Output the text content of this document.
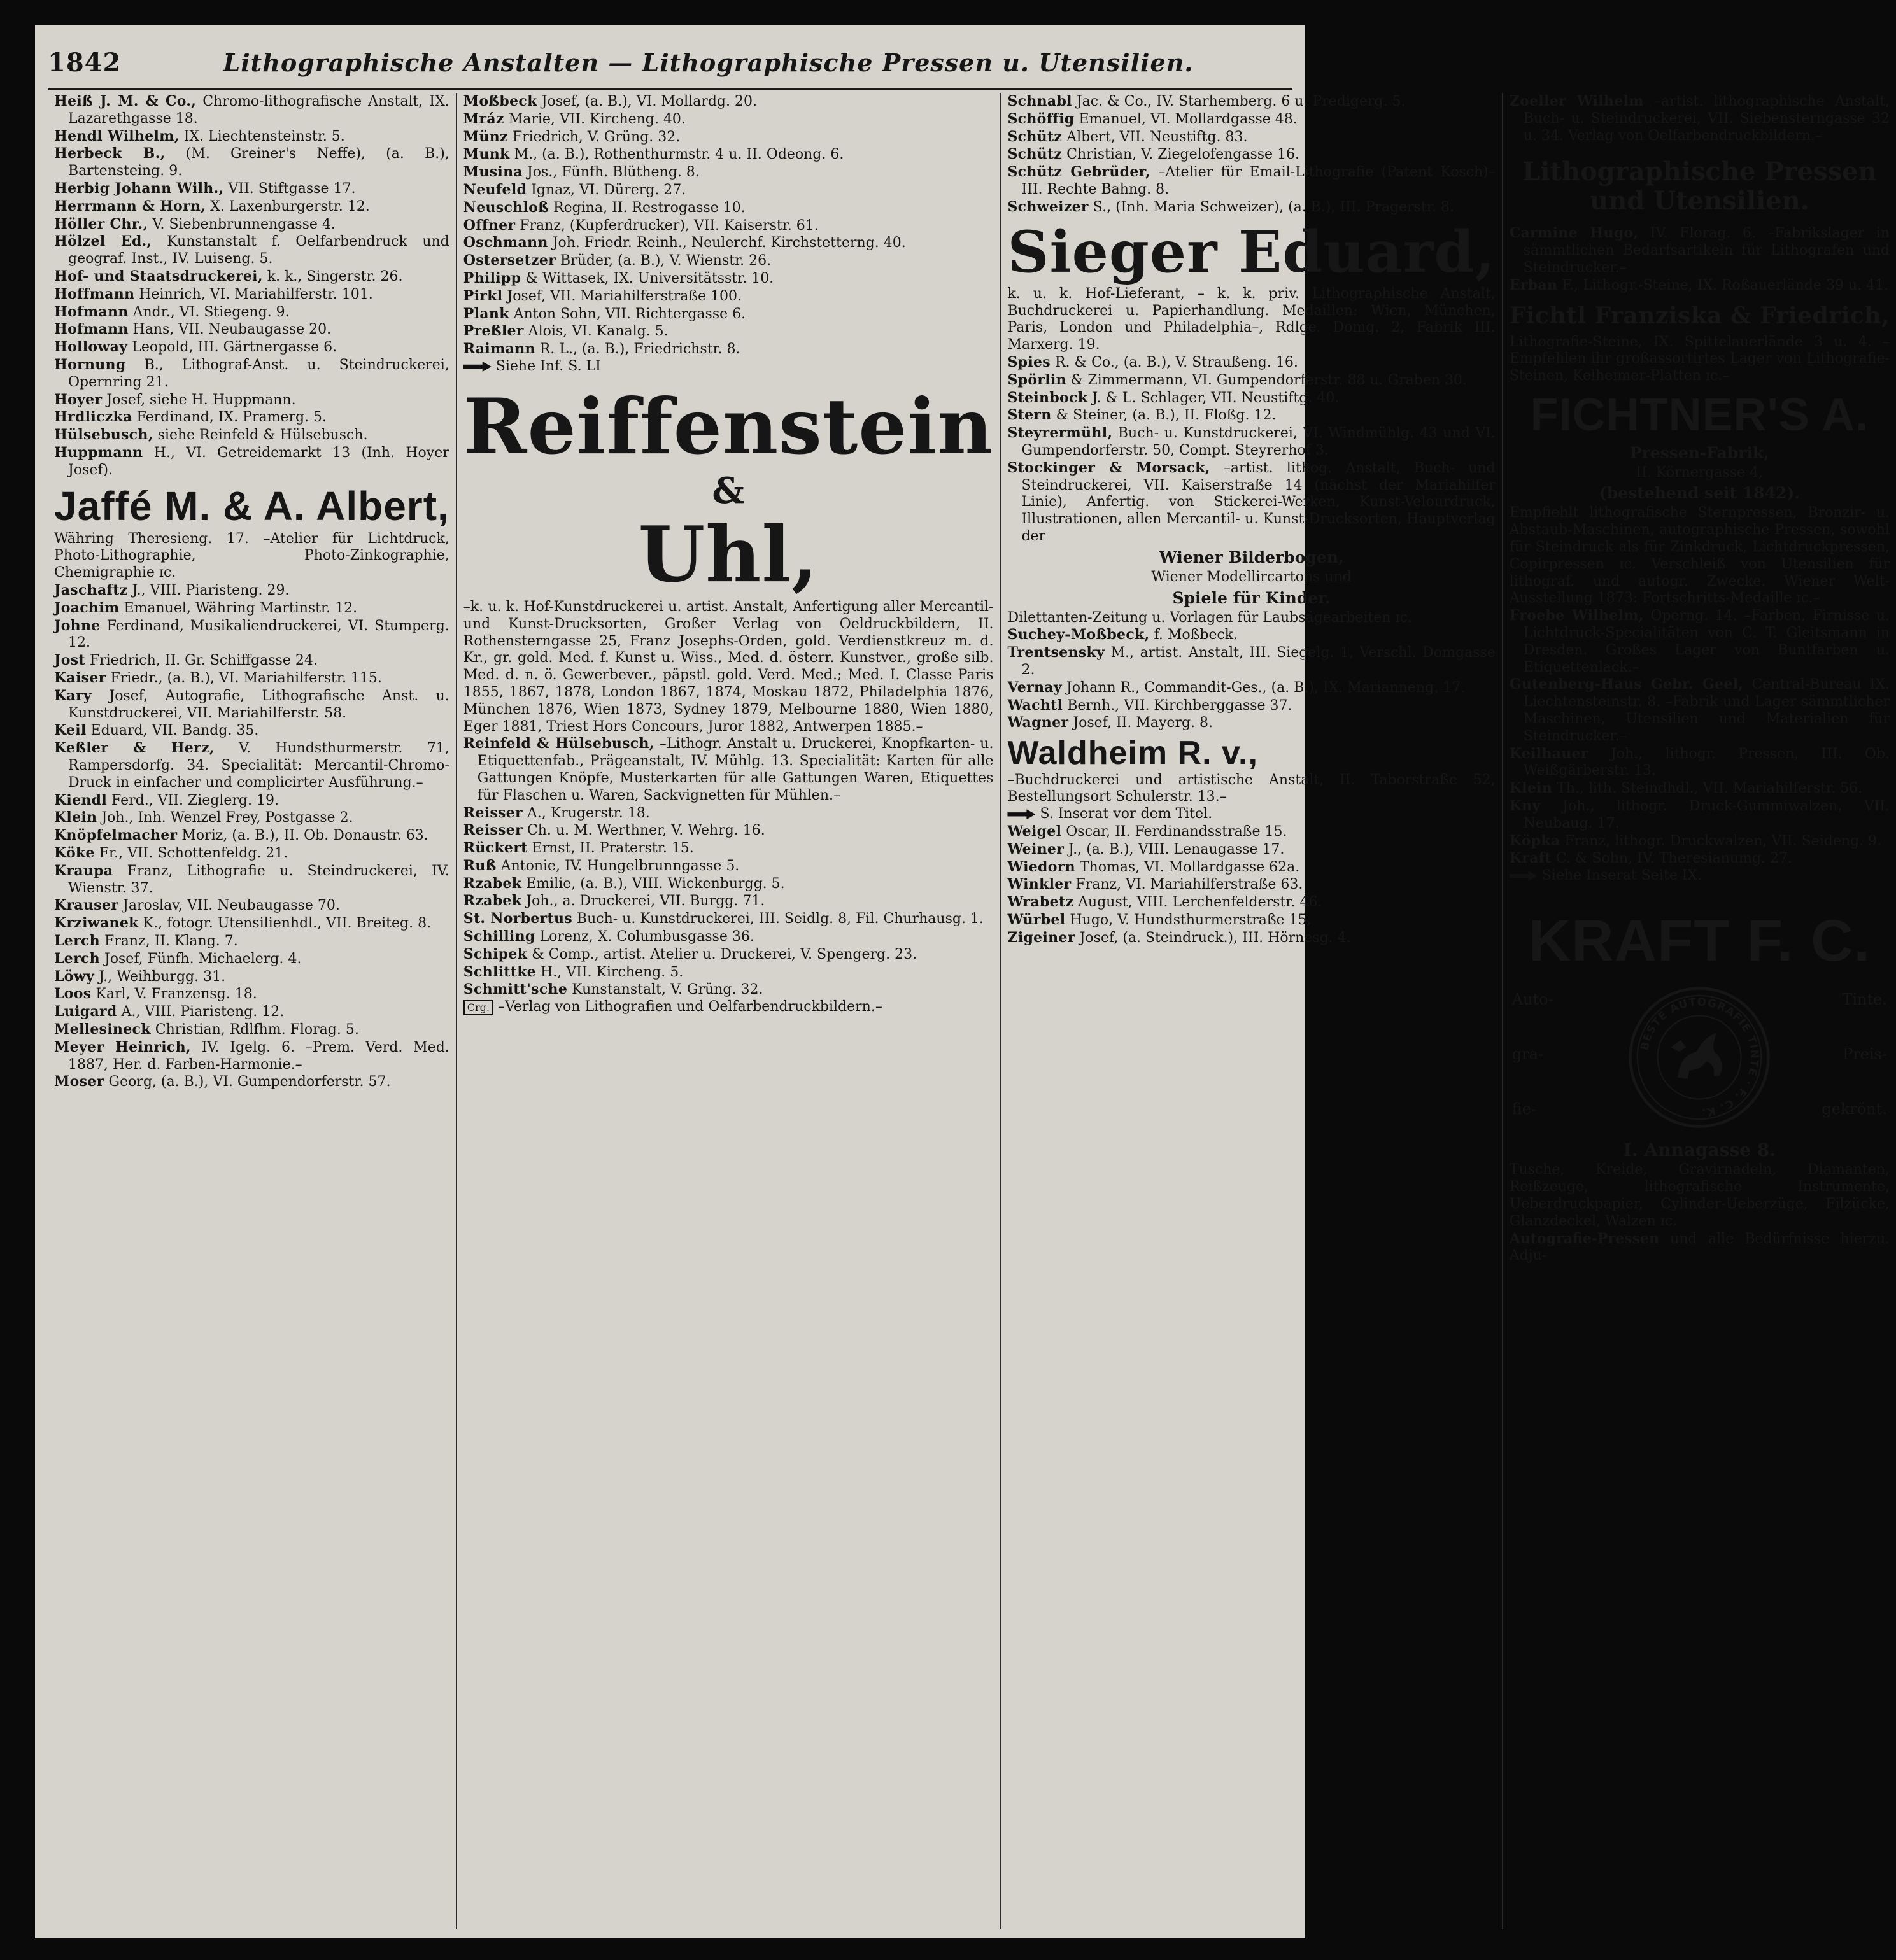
1842	Lithographische Anstalten — Lithographische Pressen u. Utensilien.
Heiß J. M. & Co., Chromo-lithografische Anstalt, IX. Lazarethgasse 18.
Hendl Wilhelm, IX. Liechtensteinstr. 5.
Herbeck B., (M. Greiner's Neffe), (a. B.), Bartensteing. 9.
Herbig Johann Wilh., VII. Stiftgasse 17.
Herrmann & Horn, X. Laxenburgerstr. 12.
Höller Chr., V. Siebenbrunnengasse 4.
Hölzel Ed., Kunstanstalt f. Oelfarbendruck und geograf. Inst., IV. Luiseng. 5.
Hof- und Staatsdruckerei, k. k., Singerstr. 26.
Hoffmann Heinrich, VI. Mariahilferstr. 101.
Hofmann Andr., VI. Stiegeng. 9.
Hofmann Hans, VII. Neubaugasse 20.
Holloway Leopold, III. Gärtnergasse 6.
Hornung B., Lithograf-Anst. u. Steindruckerei, Opernring 21.
Hoyer Josef, siehe H. Huppmann.
Hrdliczka Ferdinand, IX. Pramerg. 5.
Hülsebusch, siehe Reinfeld & Hülsebusch.
Huppmann H., VI. Getreidemarkt 13 (Inh. Hoyer Josef).
Jaffé M. & A. Albert,
Währing Theresieng. 17. –Atelier für Lichtdruck, Photo-Lithographie, Photo-Zinkographie, Chemigraphie ɪc.
Jaschaftz J., VIII. Piaristeng. 29.
Joachim Emanuel, Währing Martinstr. 12.
Johne Ferdinand, Musikaliendruckerei, VI. Stumperg. 12.
Jost Friedrich, II. Gr. Schiffgasse 24.
Kaiser Friedr., (a. B.), VI. Mariahilferstr. 115.
Kary Josef, Autografie, Lithografische Anst. u. Kunstdruckerei, VII. Mariahilferstr. 58.
Keil Eduard, VII. Bandg. 35.
Keßler & Herz, V. Hundsthurmerstr. 71, Rampersdorfg. 34. Specialität: Mercantil-Chromo-Druck in einfacher und complicirter Ausführung.–
Kiendl Ferd., VII. Zieglerg. 19.
Klein Joh., Inh. Wenzel Frey, Postgasse 2.
Knöpfelmacher Moriz, (a. B.), II. Ob. Donaustr. 63.
Köke Fr., VII. Schottenfeldg. 21.
Kraupa Franz, Lithografie u. Steindruckerei, IV. Wienstr. 37.
Krauser Jaroslav, VII. Neubaugasse 70.
Krziwanek K., fotogr. Utensilienhdl., VII. Breiteg. 8.
Lerch Franz, II. Klang. 7.
Lerch Josef, Fünfh. Michaelerg. 4.
Löwy J., Weihburgg. 31.
Loos Karl, V. Franzensg. 18.
Luigard A., VIII. Piaristeng. 12.
Mellesineck Christian, Rdlfhm. Florag. 5.
Meyer Heinrich, IV. Igelg. 6. –Prem. Verd. Med. 1887, Her. d. Farben-Harmonie.–
Moser Georg, (a. B.), VI. Gumpendorferstr. 57.
Moßbeck Josef, (a. B.), VI. Mollardg. 20.
Mráz Marie, VII. Kircheng. 40.
Münz Friedrich, V. Grüng. 32.
Munk M., (a. B.), Rothenthurmstr. 4 u. II. Odeong. 6.
Musina Jos., Fünfh. Blüthenɡ. 8.
Neufeld Ignaz, VI. Dürerg. 27.
Neuschloß Regina, II. Restrogasse 10.
Offner Franz, (Kupferdrucker), VII. Kaiserstr. 61.
Oschmann Joh. Friedr. Reinh., Neulerchf. Kirchstetterng. 40.
Ostersetzer Brüder, (a. B.), V. Wienstr. 26.
Philipp & Wittasek, IX. Universitätsstr. 10.
Pirkl Josef, VII. Mariahilferstraße 100.
Plank Anton Sohn, VII. Richtergasse 6.
Preßler Alois, VI. Kanalg. 5.
Raimann R. L., (a. B.), Friedrichstr. 8.
Siehe Inf. S. LI
Reiffenstein
&
Uhl,
–k. u. k. Hof-Kunstdruckerei u. artist. Anstalt, Anfertigung aller Mercantil- und Kunst-Drucksorten, Großer Verlag von Oeldruckbildern, II. Rothensterngasse 25, Franz Josephs-Orden, gold. Verdienstkreuz m. d. Kr., gr. gold. Med. f. Kunst u. Wiss., Med. d. österr. Kunstver., große silb. Med. d. n. ö. Gewerbever., päpstl. gold. Verd. Med.; Med. I. Classe Paris 1855, 1867, 1878, London 1867, 1874, Moskau 1872, Philadelphia 1876, München 1876, Wien 1873, Sydney 1879, Melbourne 1880, Wien 1880, Eger 1881, Triest Hors Concours, Juror 1882, Antwerpen 1885.–
Reinfeld & Hülsebusch, –Lithogr. Anstalt u. Druckerei, Knopfkarten- u. Etiquettenfab., Prägeanstalt, IV. Mühlg. 13. Specialität: Karten für alle Gattungen Knöpfe, Musterkarten für alle Gattungen Waren, Etiquettes für Flaschen u. Waren, Sackvignetten für Mühlen.–
Reisser A., Krugerstr. 18.
Reisser Ch. u. M. Werthner, V. Wehrg. 16.
Rückert Ernst, II. Praterstr. 15.
Ruß Antonie, IV. Hungelbrunngasse 5.
Rzabek Emilie, (a. B.), VIII. Wickenburgg. 5.
Rzabek Joh., a. Druckerei, VII. Burgg. 71.
St. Norbertus Buch- u. Kunstdruckerei, III. Seidlg. 8, Fil. Churhausg. 1.
Schilling Lorenz, X. Columbusgasse 36.
Schipek & Comp., artist. Atelier u. Druckerei, V. Spengerg. 23.
Schlittke H., VII. Kircheng. 5.
Schmitt'sche Kunstanstalt, V. Grüng. 32.
Crg. –Verlag von Lithografien und Oelfarbendruckbildern.–
Schnabl Jac. & Co., IV. Starhemberg. 6 u. Predigerg. 5.
Schöffig Emanuel, VI. Mollardgasse 48.
Schütz Albert, VII. Neustiftg. 83.
Schütz Christian, V. Ziegelofengasse 16.
Schütz Gebrüder, –Atelier für Email-Lithografie (Patent Kosch)– III. Rechte Bahng. 8.
Schweizer S., (Inh. Maria Schweizer), (a. B.), III. Pragerstr. 8.
Sieger Eduard,
k. u. k. Hof-Lieferant, – k. k. priv. Lithographische Anstalt, Buchdruckerei u. Papierhandlung. Medaillen: Wien, München, Paris, London und Philadelphia–, Rdlge. Domg. 2, Fabrik III. Marxerg. 19.
Spies R. & Co., (a. B.), V. Straußeng. 16.
Spörlin & Zimmermann, VI. Gumpendorferstr. 88 u. Graben 30.
Steinbock J. & L. Schlager, VII. Neustiftg. 40.
Stern & Steiner, (a. B.), II. Floßg. 12.
Steyrermühl, Buch- u. Kunstdruckerei, VI. Windmühlg. 43 und VI. Gumpendorferstr. 50, Compt. Steyrerhof 3.
Stockinger & Morsack, –artist. lithog. Anstalt, Buch- und Steindruckerei, VII. Kaiserstraße 14 (nächst der Mariahilfer Linie), Anfertig. von Stickerei-Werken, Kunst-Velourdruck, Illustrationen, allen Mercantil- u. Kunst-Drucksorten, Hauptverlag der
Wiener Bilderbogen,
Wiener Modellircartons und
Spiele für Kinder.
Dilettanten-Zeitung u. Vorlagen für Laubsägearbeiten ɪc.
Suchey-Moßbeck, f. Moßbeck.
Trentsensky M., artist. Anstalt, III. Siegelg. 1, Verschl. Domgasse 2.
Vernay Johann R., Commandit-Ges., (a. B.), IX. Marianneng. 17.
Wachtl Bernh., VII. Kirchberggasse 37.
Wagner Josef, II. Mayerg. 8.
Waldheim R. v.,
–Buchdruckerei und artistische Anstalt, II. Taborstraße 52, Bestellungsort Schulerstr. 13.–
S. Inserat vor dem Titel.
Weigel Oscar, II. Ferdinandsstraße 15.
Weiner J., (a. B.), VIII. Lenaugasse 17.
Wiedorn Thomas, VI. Mollardgasse 62a.
Winkler Franz, VI. Mariahilferstraße 63.
Wrabetz August, VIII. Lerchenfelderstr. 46.
Würbel Hugo, V. Hundsthurmerstraße 15.
Zigeiner Josef, (a. Steindruck.), III. Hörnesg. 4.
Zoeller Wilhelm –artist. lithographische Anstalt, Buch- u. Steindruckerei, VII. Siebensterngasse 32 u. 34. Verlag von Oelfarbendruckbildern.–
Lithographische Pressen und Utensilien.
Carmine Hugo, IV. Florag. 6. –Fabrikslager in sämmtlichen Bedarfsartikeln für Lithografen und Steindrucker.–
Erban F., Lithogr.-Steine, IX. Roßauerlände 39 u. 41.
Fichtl Franziska & Friedrich,
Lithografie-Steine, IX. Spittelauerlände 3 u. 4. –Empfehlen ihr großassortirtes Lager von Lithografie-Steinen, Kelheimer-Platten ɪc.–
FICHTNER'S A.
Pressen-Fabrik,
II. Körnergasse 4,
(bestehend seit 1842).
Empfiehlt lithografische Sternpressen, Bronzir- u. Abstaub-Maschinen, autographische Pressen, sowohl für Steindruck als für Zinkdruck, Lichtdruckpressen, Copirpressen ɪc. Verschleiß von Utensilien für lithograf. und autogr. Zwecke. Wiener Welt-Ausstellung 1873: Fortschritts-Medaille ɪc.–
Froebe Wilhelm, Operng. 14. –Farben, Firnisse u. Lichtdruck-Specialitäten von C. T. Gleitsmann in Dresden. Großes Lager von Buntfarben u. Etiquettenlack.–
Gutenberg-Haus Gebr. Geel, Central-Bureau IX. Liechtensteinstr. 8. –Fabrik und Lager sämmtlicher Maschinen, Utensilien und Materialien für Steindrucker.–
Keilhauer Joh., lithogr. Pressen, III. Ob. Weißgärberstr. 13.
Klein Th., lith. Steindhdl., VII. Mariahilferstr. 56.
Kny Joh., lithogr. Druck-Gummiwalzen, VII. Neubaug. 17.
Köpka Franz, lithogr. Druckwalzen, VII. Seideng. 9.
Kraft C. & Sohn, IV. Theresianumg. 27.
Siehe Inserat Seite IX.
KRAFT F. C.
Auto-	Tinte.
gra-	Preis-
fie-	gekrönt.
BESTE AUTOGRAFIE TINTE · F. C. K.
I. Annagasse 8.
Tusche, Kreide, Gravirnadeln, Diamanten, Reißzeuge, lithografische Instrumente, Ueberdruckpapier, Cylinder-Ueberzüge, Filzücke, Glanzdeckel, Walzen ɪc.
Autografie-Pressen und alle Bedürfnisse hierzu. Adju-
